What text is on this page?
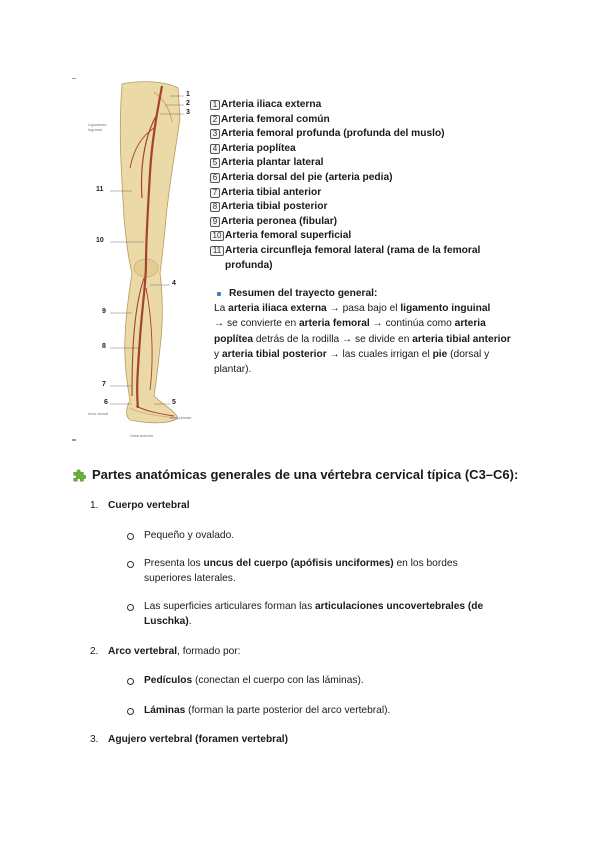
1
2
3
11
10
4
9
8
7
6	5
Ligamento inguinal
Arco dorsal
Arco plantar
Vista anterior
1 Arteria iliaca externa
2 Arteria femoral común
3 Arteria femoral profunda (profunda del muslo)
4 Arteria poplítea
5 Arteria plantar lateral
6 Arteria dorsal del pie (arteria pedia)
7 Arteria tibial anterior
8 Arteria tibial posterior
9 Arteria peronea (fibular)
1͏0 Arteria femoral superficial
1͏1 Arteria circunfleja femoral lateral (rama de la femoral profunda)
Resumen del trayecto general:
La arteria iliaca externa → pasa bajo el ligamento inguinal
→ se convierte en arteria femoral → continúa como arteria poplítea detrás de la rodilla → se divide en arteria tibial anterior y arteria tibial posterior → las cuales irrigan el pie (dorsal y plantar).
Partes anatómicas generales de una vértebra cervical típica (C3–C6):
1. Cuerpo vertebral
Pequeño y ovalado.
Presenta los uncus del cuerpo (apófisis unciformes) en los bordes superiores laterales.
Las superficies articulares forman las articulaciones uncovertebrales (de Luschka).
2. Arco vertebral, formado por:
Pedículos (conectan el cuerpo con las láminas).
Láminas (forman la parte posterior del arco vertebral).
3. Agujero vertebral (foramen vertebral)
